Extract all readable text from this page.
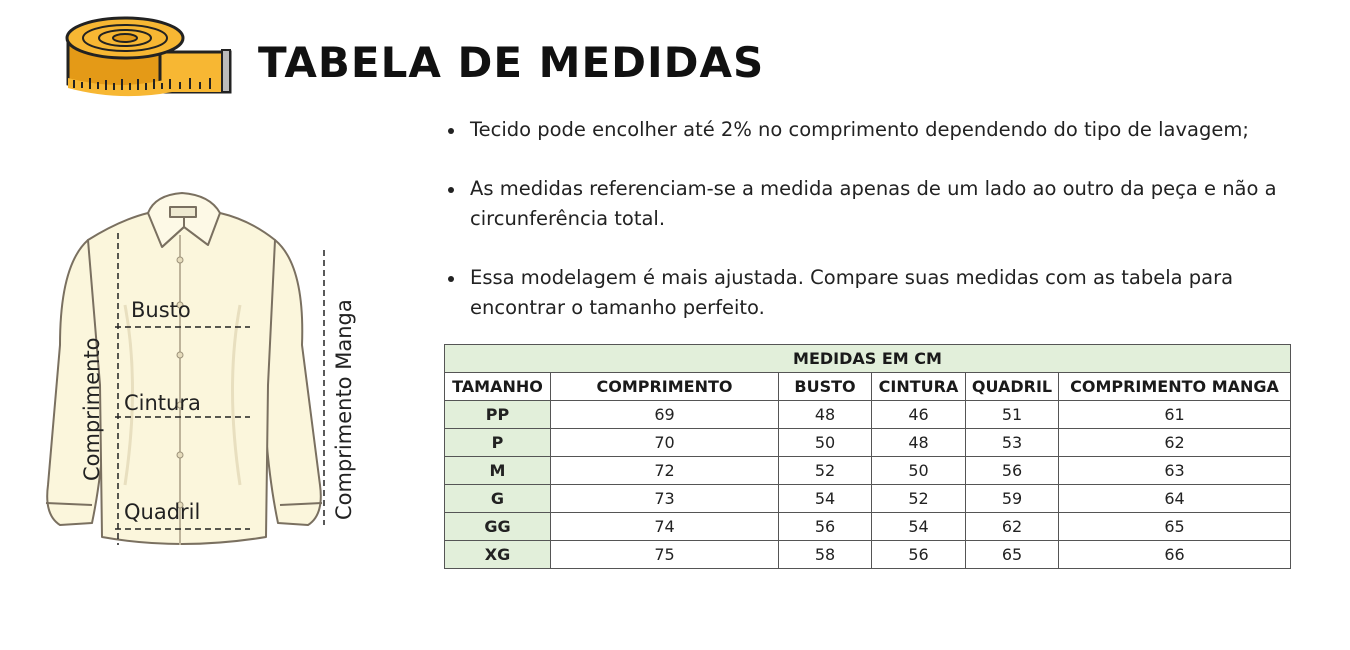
TABELA DE MEDIDAS
Tecido pode encolher até 2% no comprimento dependendo do tipo de lavagem;
As medidas referenciam-se a medida apenas de um lado ao outro da peça e não a circunferência total.
Essa modelagem é mais ajustada. Compare suas medidas com as tabela para encontrar o tamanho perfeito.
Busto
Cintura
Quadril
Comprimento	Comprimento Manga	MEDIDAS EM CM					
TAMANHO	COMPRIMENTO	BUSTO	CINTURA	QUADRIL	COMPRIMENTO MANGA
PP	69	48	46	51	61
P	70	50	48	53	62
M	72	52	50	56	63
G	73	54	52	59	64
GG	74	56	54	62	65
XG	75	58	56	65	66
